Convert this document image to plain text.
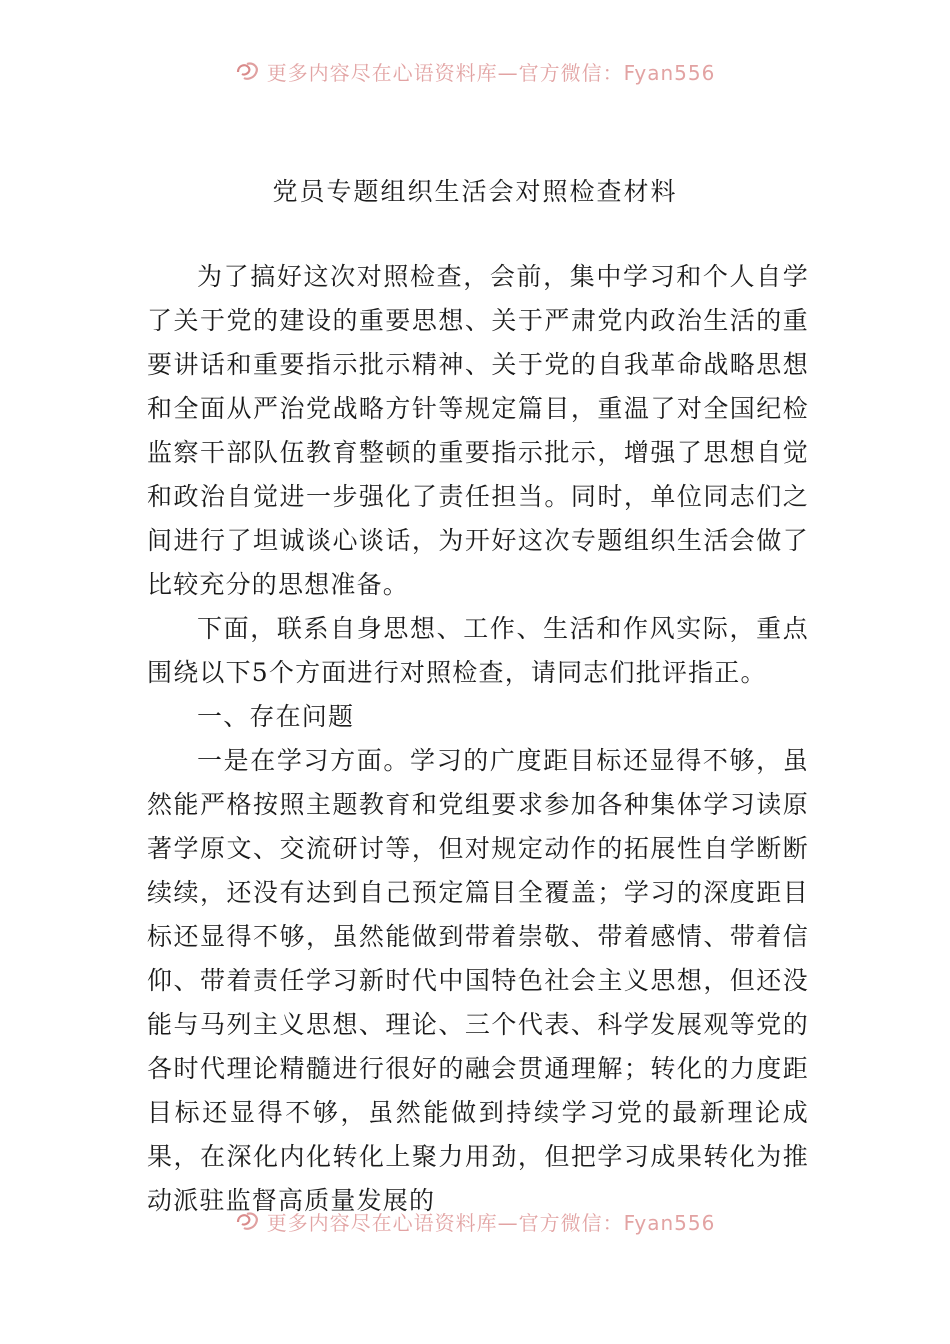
更多内容尽在心语资料库—官方微信：Fyan556
党员专题组织生活会对照检查材料

为了搞好这次对照检查，会前，集中学习和个人自学了关于党的建设的重要思想、关于严肃党内政治生活的重要讲话和重要指示批示精神、关于党的自我革命战略思想和全面从严治党战略方针等规定篇目，重温了对全国纪检监察干部队伍教育整顿的重要指示批示，增强了思想自觉和政治自觉进一步强化了责任担当。同时，单位同志们之间进行了坦诚谈心谈话，为开好这次专题组织生活会做了比较充分的思想准备。

下面，联系自身思想、工作、生活和作风实际，重点围绕以下5个方面进行对照检查，请同志们批评指正。

一、存在问题

一是在学习方面。学习的广度距目标还显得不够，虽然能严格按照主题教育和党组要求参加各种集体学习读原著学原文、交流研讨等，但对规定动作的拓展性自学断断续续，还没有达到自己预定篇目全覆盖；学习的深度距目标还显得不够，虽然能做到带着崇敬、带着感情、带着信仰、带着责任学习新时代中国特色社会主义思想，但还没能与马列主义思想、理论、三个代表、科学发展观等党的各时代理论精髓进行很好的融会贯通理解；转化的力度距目标还显得不够，虽然能做到持续学习党的最新理论成果，在深化内化转化上聚力用劲，但把学习成果转化为推动派驻监督高质量发展的

更多内容尽在心语资料库—官方微信：Fyan556
